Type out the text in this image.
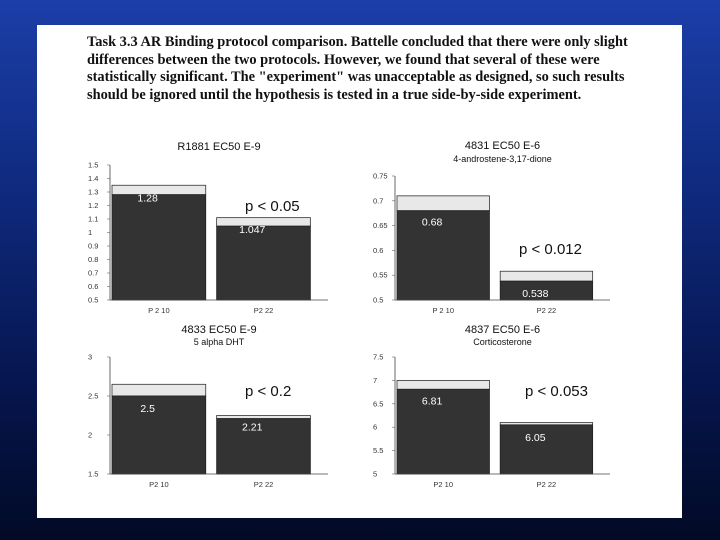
Task 3.3 AR Binding protocol comparison. Battelle concluded that there were only slight differences between the two protocols. However, we found that several of these were statistically significant. The "experiment" was unacceptable as designed, so such results should be ignored until the hypothesis is tested in a true side-by-side experiment.

R1881 EC50 E-9
0.5
0.6
0.7
0.8
0.9
1
1.1
1.2
1.3
1.4
1.5
1.28
P 2 10
1.047
P2 22
p < 0.05
4831 EC50 E-6
4-androstene-3,17-dione
0.5
0.55
0.6
0.65
0.7
0.75
0.68
P 2 10
0.538
P2 22
p < 0.012
4833 EC50 E-9
5 alpha DHT
1.5
2
2.5
3
2.5
P2 10
2.21
P2 22
p < 0.2
4837 EC50 E-6
Corticosterone
5
5.5
6
6.5
7
7.5
6.81
P2 10
6.05
P2 22
p < 0.053
